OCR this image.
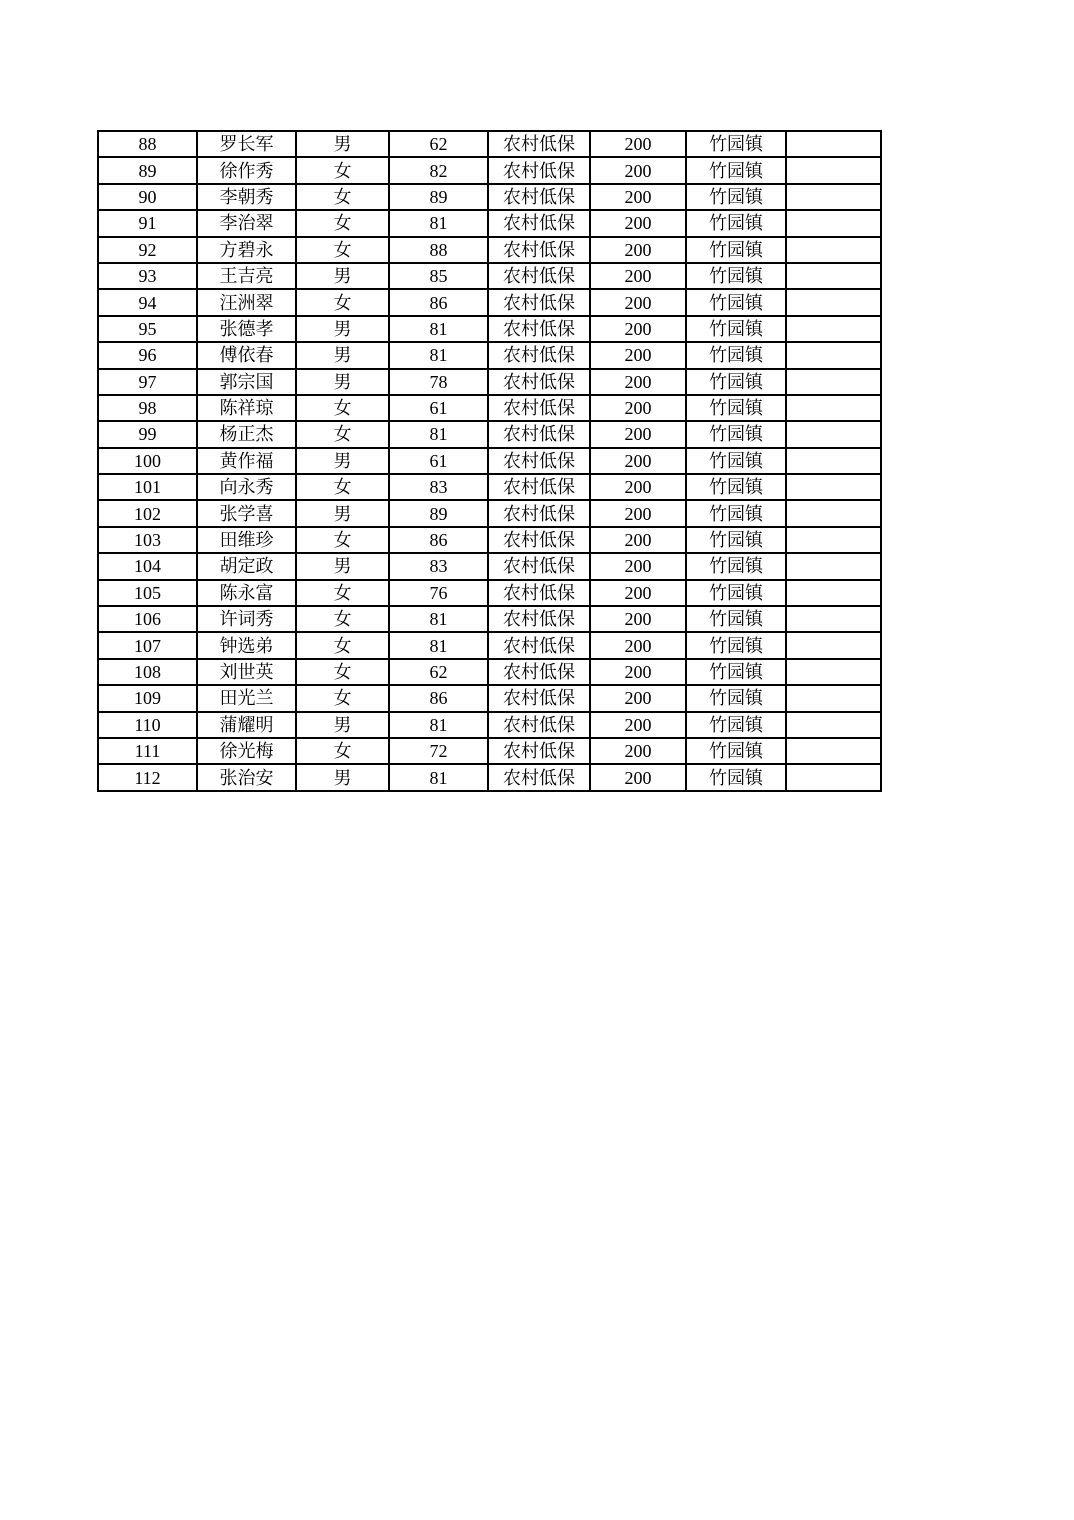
88	罗长军	男	62	农村低保	200	竹园镇	
89	徐作秀	女	82	农村低保	200	竹园镇	
90	李朝秀	女	89	农村低保	200	竹园镇	
91	李治翠	女	81	农村低保	200	竹园镇	
92	方碧永	女	88	农村低保	200	竹园镇	
93	王吉亮	男	85	农村低保	200	竹园镇	
94	汪洲翠	女	86	农村低保	200	竹园镇	
95	张德孝	男	81	农村低保	200	竹园镇	
96	傅依春	男	81	农村低保	200	竹园镇	
97	郭宗国	男	78	农村低保	200	竹园镇	
98	陈祥琼	女	61	农村低保	200	竹园镇	
99	杨正杰	女	81	农村低保	200	竹园镇	
100	黄作福	男	61	农村低保	200	竹园镇	
101	向永秀	女	83	农村低保	200	竹园镇	
102	张学喜	男	89	农村低保	200	竹园镇	
103	田维珍	女	86	农村低保	200	竹园镇	
104	胡定政	男	83	农村低保	200	竹园镇	
105	陈永富	女	76	农村低保	200	竹园镇	
106	许词秀	女	81	农村低保	200	竹园镇	
107	钟选弟	女	81	农村低保	200	竹园镇	
108	刘世英	女	62	农村低保	200	竹园镇	
109	田光兰	女	86	农村低保	200	竹园镇	
110	蒲耀明	男	81	农村低保	200	竹园镇	
111	徐光梅	女	72	农村低保	200	竹园镇	
112	张治安	男	81	农村低保	200	竹园镇	
